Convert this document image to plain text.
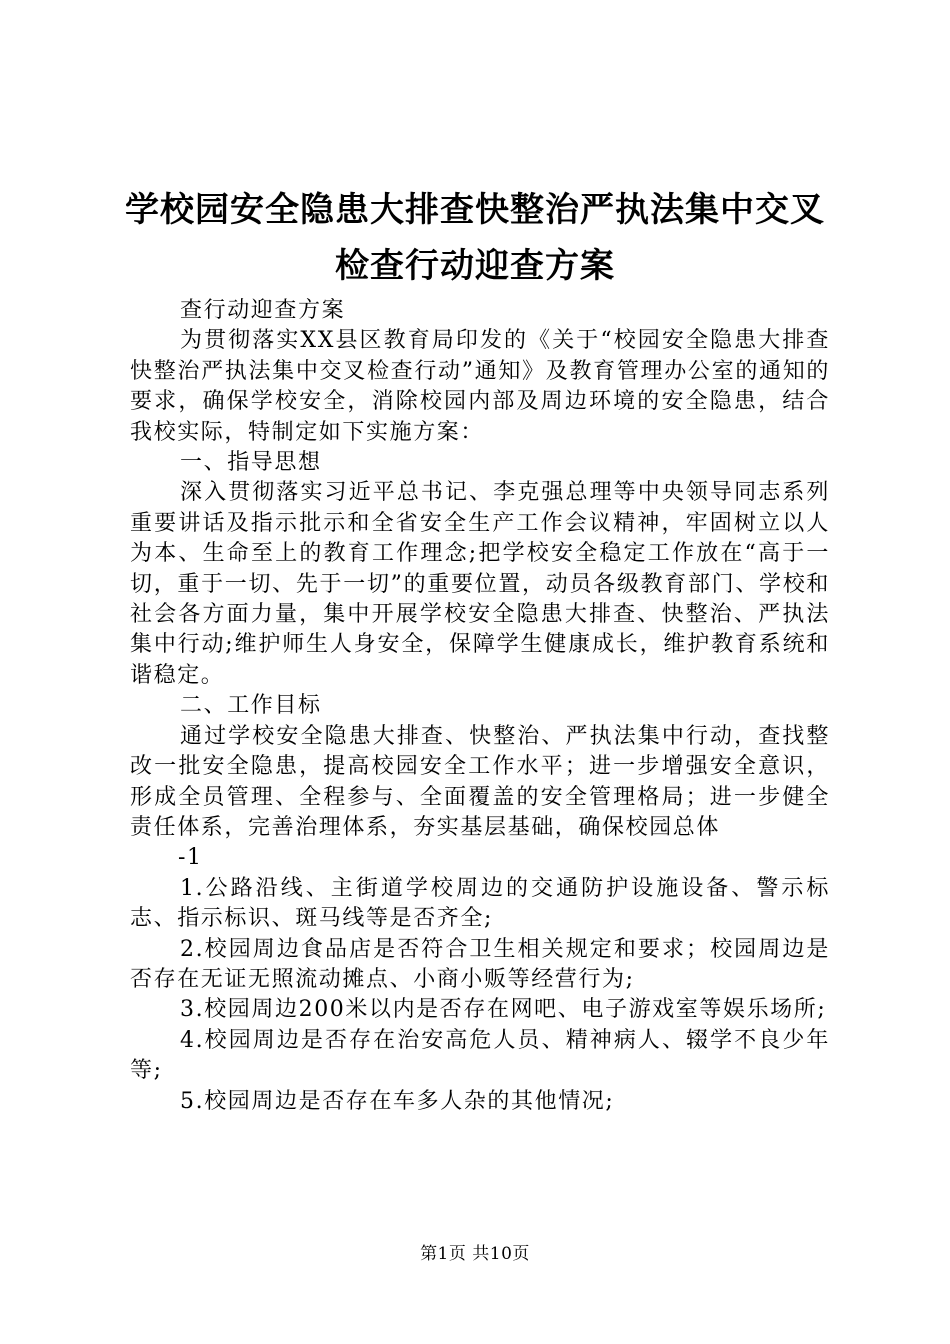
学校园安全隐患大排查快整治严执法集中交叉
检查行动迎查方案

查行动迎查方案

为贯彻落实XX县区教育局印发的《关于“校园安全隐患大排查快整治严执法集中交叉检查行动”通知》及教育管理办公室的通知的要求，确保学校安全，消除校园内部及周边环境的安全隐患，结合我校实际，特制定如下实施方案：

一、指导思想

深入贯彻落实习近平总书记、李克强总理等中央领导同志系列重要讲话及指示批示和全省安全生产工作会议精神，牢固树立以人为本、生命至上的教育工作理念;把学校安全稳定工作放在“高于一切，重于一切、先于一切”的重要位置，动员各级教育部门、学校和社会各方面力量，集中开展学校安全隐患大排查、快整治、严执法集中行动;维护师生人身安全，保障学生健康成长，维护教育系统和谐稳定。

二、工作目标

通过学校安全隐患大排查、快整治、严执法集中行动，查找整改一批安全隐患，提高校园安全工作水平；进一步增强安全意识，形成全员管理、全程参与、全面覆盖的安全管理格局；进一步健全责任体系，完善治理体系，夯实基层基础，确保校园总体

-1

1.公路沿线、主街道学校周边的交通防护设施设备、警示标志、指示标识、斑马线等是否齐全;

2.校园周边食品店是否符合卫生相关规定和要求；校园周边是否存在无证无照流动摊点、小商小贩等经营行为;

3.校园周边200米以内是否存在网吧、电子游戏室等娱乐场所;

4.校园周边是否存在治安高危人员、精神病人、辍学不良少年等;

5.校园周边是否存在车多人杂的其他情况;

第1页 共10页
